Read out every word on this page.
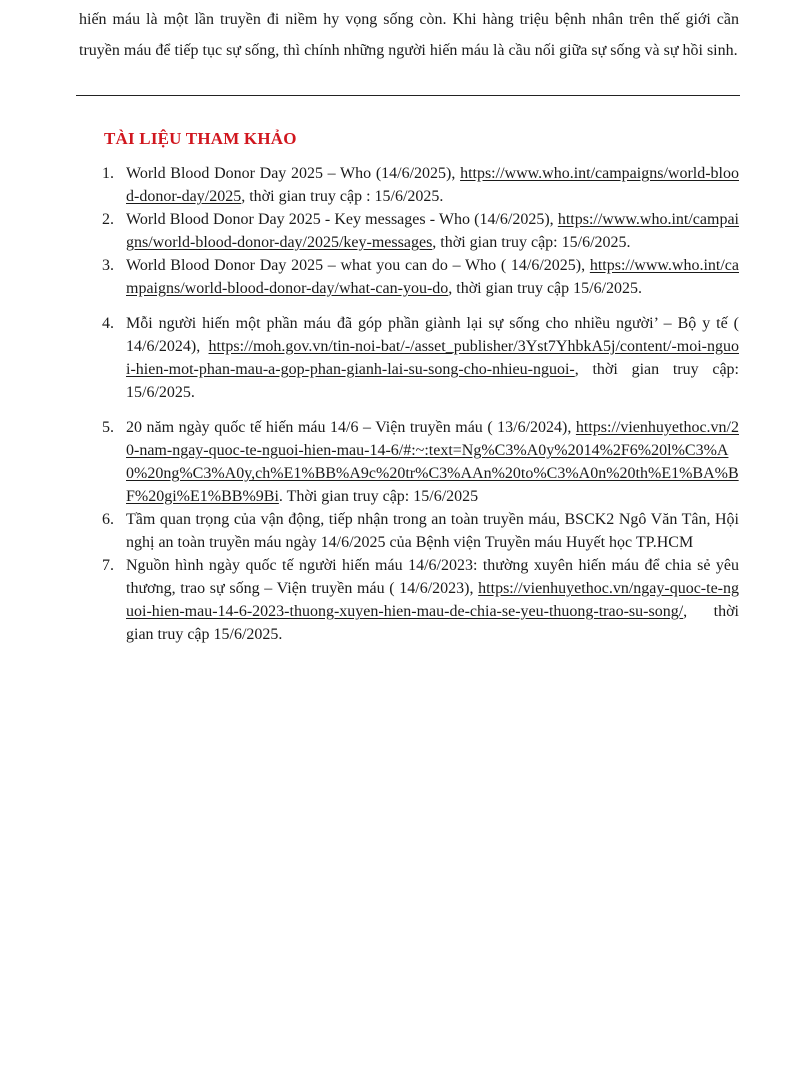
hiến máu là một lần truyền đi niềm hy vọng sống còn. Khi hàng triệu bệnh nhân trên thế giới cần truyền máu để tiếp tục sự sống, thì chính những người hiến máu là cầu nối giữa sự sống và sự hồi sinh.

TÀI LIỆU THAM KHẢO
1. World Blood Donor Day 2025 – Who (14/6/2025), https://www.who.int/campaigns/world-blood-donor-day/2025, thời gian truy cập : 15/6/2025.
2. World Blood Donor Day 2025 - Key messages - Who (14/6/2025), https://www.who.int/campaigns/world-blood-donor-day/2025/key-messages, thời gian truy cập: 15/6/2025.
3. World Blood Donor Day 2025 – what you can do – Who ( 14/6/2025), https://www.who.int/campaigns/world-blood-donor-day/what-can-you-do, thời gian truy cập 15/6/2025.
4. Mỗi người hiến một phần máu đã góp phần giành lại sự sống cho nhiều người’ – Bộ y tế ( 14/6/2024), https://moh.gov.vn/tin-noi-bat/-/asset_publisher/3Yst7YhbkA5j/content/-moi-nguoi-hien-mot-phan-mau-a-gop-phan-gianh-lai-su-song-cho-nhieu-nguoi-, thời gian truy cập: 15/6/2025.
5. 20 năm ngày quốc tế hiến máu 14/6 – Viện truyền máu ( 13/6/2024), https://vienhuyethoc.vn/20-nam-ngay-quoc-te-nguoi-hien-mau-14-6/#:~:text=Ng%C3%A0y%2014%2F6%20l%C3%A0%20ng%C3%A0y,ch%E1%BB%A9c%20tr%C3%AAn%20to%C3%A0n%20th%E1%BA%BF%20gi%E1%BB%9Bi. Thời gian truy cập: 15/6/2025
6. Tầm quan trọng của vận động, tiếp nhận trong an toàn truyền máu, BSCK2 Ngô Văn Tân, Hội nghị an toàn truyền máu ngày 14/6/2025 của Bệnh viện Truyền máu Huyết học TP.HCM
7. Nguồn hình ngày quốc tế người hiến máu 14/6/2023: thường xuyên hiến máu để chia sẻ yêu thương, trao sự sống – Viện truyền máu ( 14/6/2023), https://vienhuyethoc.vn/ngay-quoc-te-nguoi-hien-mau-14-6-2023-thuong-xuyen-hien-mau-de-chia-se-yeu-thuong-trao-su-song/, thời gian truy cập 15/6/2025.
